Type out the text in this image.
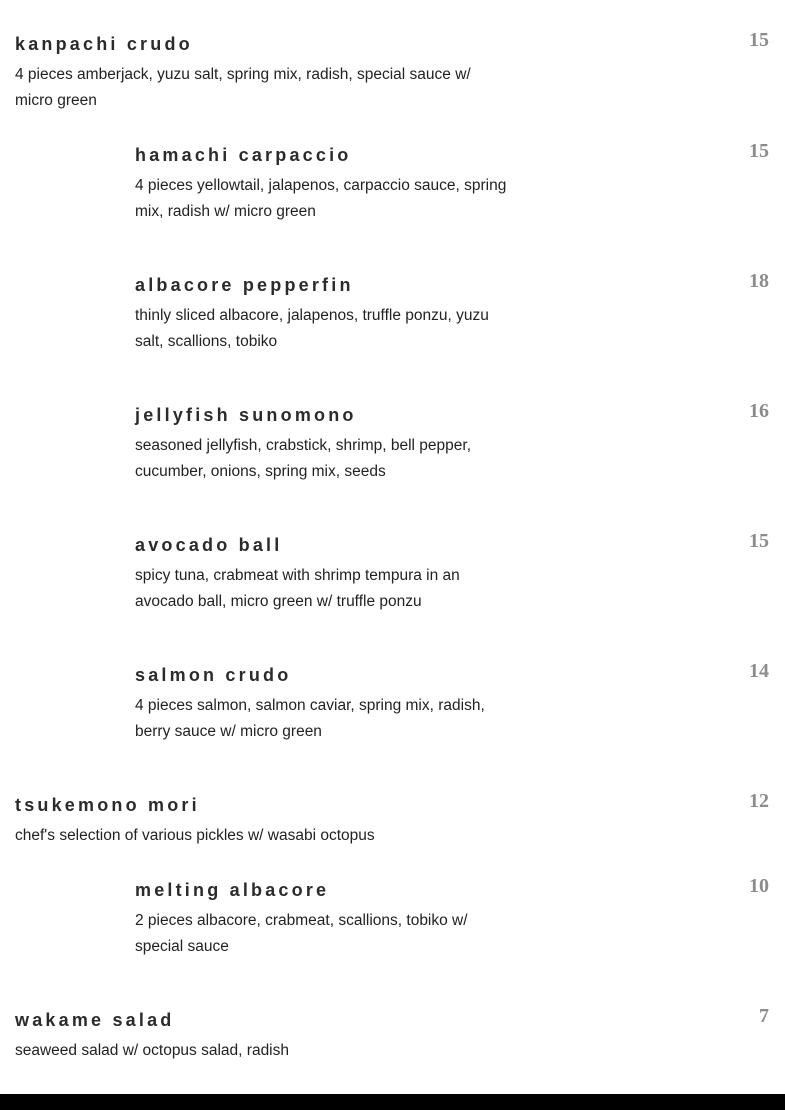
kanpachi crudo
4 pieces amberjack, yuzu salt, spring mix, radish, special sauce w/ micro green
15
hamachi carpaccio
4 pieces yellowtail, jalapenos, carpaccio sauce, spring mix, radish w/ micro green
15
albacore pepperfin
thinly sliced albacore, jalapenos, truffle ponzu, yuzu salt, scallions, tobiko
18
jellyfish sunomono
seasoned jellyfish, crabstick, shrimp, bell pepper, cucumber, onions, spring mix, seeds
16
avocado ball
spicy tuna, crabmeat with shrimp tempura in an avocado ball, micro green w/ truffle ponzu
15
salmon crudo
4 pieces salmon, salmon caviar, spring mix, radish, berry sauce w/ micro green
14
tsukemono mori
chef's selection of various pickles w/ wasabi octopus
12
melting albacore
2 pieces albacore, crabmeat, scallions, tobiko w/ special sauce
10
wakame salad
seaweed salad w/ octopus salad, radish
7
